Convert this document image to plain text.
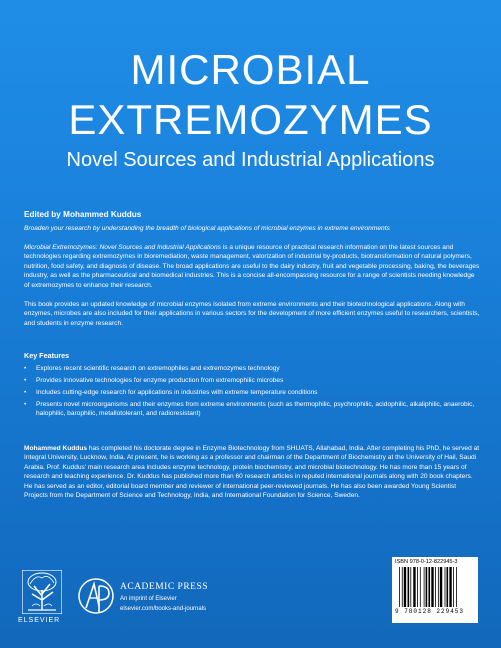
MICROBIAL
EXTREMOZYMES
Novel Sources and Industrial Applications
Edited by Mohammed Kuddus
Broaden your research by understanding the breadth of biological applications of microbial enzymes in extreme environments
Microbial Extremozymes: Novel Sources and Industrial Applications is a unique resource of practical research information on the latest sources and technologies regarding extremozymes in bioremediation, waste management, valorization of industrial by-products, biotransformation of natural polymers, nutrition, food safety, and diagnosis of disease. The broad applications are useful to the dairy industry, fruit and vegetable processing, baking, the beverages industry, as well as the pharmaceutical and biomedical industries. This is a concise all-encompassing resource for a range of scientists needing knowledge of extremozymes to enhance their research.
This book provides an updated knowledge of microbial enzymes isolated from extreme environments and their biotechnological applications. Along with enzymes, microbes are also included for their applications in various sectors for the development of more efficient enzymes useful to researchers, scientists, and students in enzyme research.
Key Features
• Explores recent scientific research on extremophiles and extremozymes technology
• Provides innovative technologies for enzyme production from extremophilic microbes
• Includes cutting-edge research for applications in industries with extreme temperature conditions
• Presents novel microorganisms and their enzymes from extreme environments (such as thermophilic, psychrophilic, acidophilic, alkaliphilic, anaerobic, halophilic, barophilic, metallotolerant, and radioresistant)
Mohammed Kuddus has completed his doctorate degree in Enzyme Biotechnology from SHUATS, Allahabad, India. After completing his PhD, he served at Integral University, Lucknow, India. At present, he is working as a professor and chairman of the Department of Biochemistry at the University of Hail, Saudi Arabia. Prof. Kuddus' main research area includes enzyme technology, protein biochemistry, and microbial biotechnology. He has more than 15 years of research and teaching experience. Dr. Kuddus has published more than 60 research articles in reputed international journals along with 20 book chapters. He has served as an editor, editorial board member and reviewer of international peer-reviewed journals. He has also been awarded Young Scientist Projects from the Department of Science and Technology, India, and International Foundation for Science, Sweden.
ELSEVIER
ACADEMIC PRESS
An imprint of Elsevier
elsevier.com/books-and-journals
ISBN 978-0-12-822945-3
9 780128 229453
